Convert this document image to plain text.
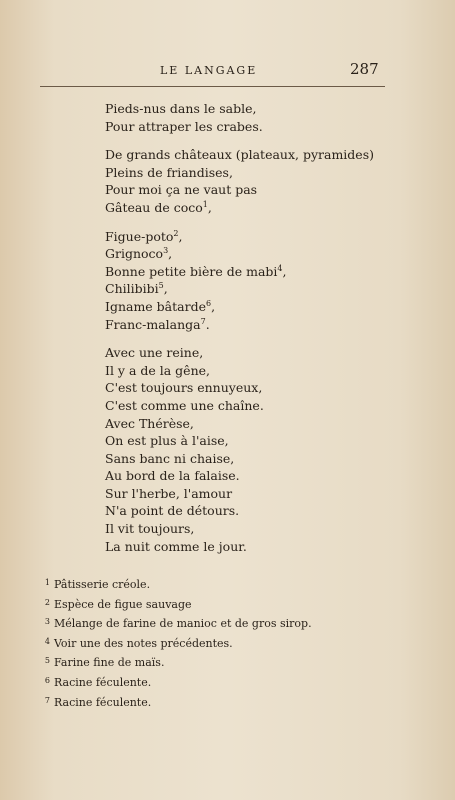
LE LANGAGE	287
Pieds-nus dans le sable,
Pour attraper les crabes.
De grands châteaux (plateaux, pyramides)
Pleins de friandises,
Pour moi ça ne vaut pas
Gâteau de coco$^1$,
Figue-poto$^2$,
Grignoco$^3$,
Bonne petite bière de mabi$^4$,
Chilibibi$^5$,
Igname bâtarde$^6$,
Franc-malanga$^7$.
Avec une reine,
Il y a de la gêne,
C'est toujours ennuyeux,
C'est comme une chaîne.
Avec Thérèse,
On est plus à l'aise,
Sans banc ni chaise,
Au bord de la falaise.
Sur l'herbe, l'amour
N'a point de détours.
Il vit toujours,
La nuit comme le jour.
1 Pâtisserie créole.
2 Espèce de figue sauvage
3 Mélange de farine de manioc et de gros sirop.
4 Voir une des notes précédentes.
5 Farine fine de maïs.
6 Racine féculente.
7 Racine féculente.
